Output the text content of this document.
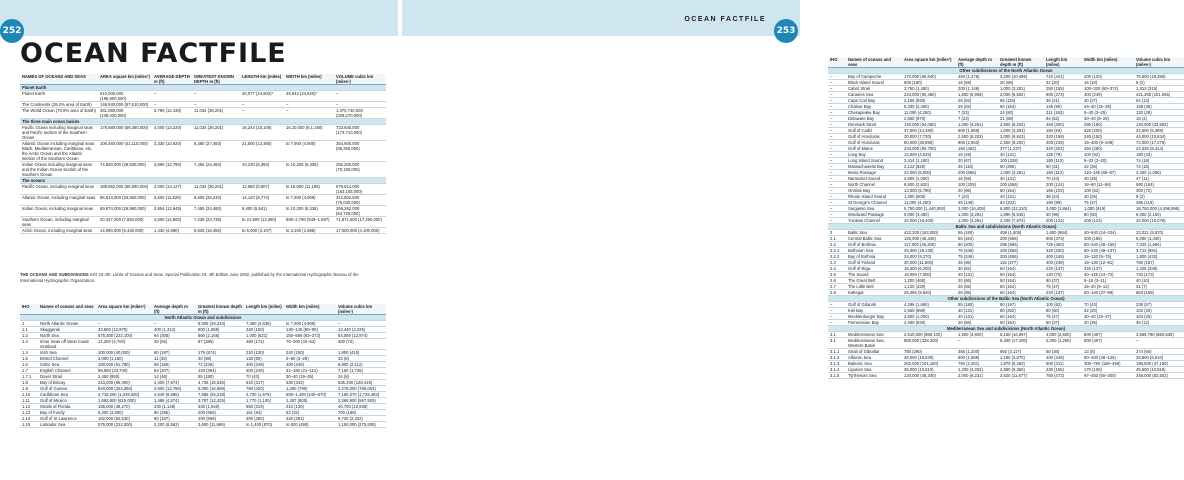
252
OCEAN FACTFILE
NAMES OF OCEANS AND SEAS	AREA square km (miles²)	AVERAGE DEPTH m (ft)	GREATEST KNOWN DEPTH m (ft)	LENGTH km (miles)	WIDTH km (miles)	VOLUME cubic km (miles³)
Planet Earth						
Planet Earth	510,000,000 (196,900,000)	–	–	40,077 (24,902)*	39,942 (24,820)*	–
The Continents (29.2% area of Earth)	148,940,000 (57,510,000)	–	–	–	–	–
The World Ocean (70.8% area of Earth)	361,060,000 (139,420,000)	3,790 (12,430)	11,034 (36,201)	–	–	1,370,740,000 (329,270,000)
The three main ocean basins						
Pacific Ocean including marginal seas and Pacific section of the Southern Ocean	179,680,000 (69,380,000)	4,000 (13,220)	11,034 (36,201)	16,244 (10,106)	16,10,000 (6,1,180)	723,640,000 (173,710,000)
Atlantic Ocean including marginal seas Black, Mediterranean, Caribbean, etc, the Arctic Ocean and the Atlantic section of the Southern Ocean	106,460,000 (41,110,000)	3,330 (10,920)	8,380 (27,493)	21,500 (13,360)	to 7,900 (4,900)	354,900,000 (85,250,000)
Indian Ocean including marginal seas and the Indian Ocean section of the Southern Ocean	74,920,000 (28,930,000)	3,890 (12,790)	7,455 (24,460)	10,230 (6,350)	to 10,200 (6,338)	292,200,000 (70,190,000)
The oceans						
Pacific Ocean, including marginal seas	169,852,000 (65,590,000)	4,000 (13,127)	11,034 (36,201)	12,550 (9,607)	to 18,000 (11,185)	679,614,000 (163,105,000)
Atlantic Ocean, including marginal seas	86,913,000 (33,560,000)	3,600 (11,828)	8,605 (28,233)	14,120 (8,774)	to 7,900 (4,909)	312,602,500 (75,030,000)
Indian Ocean, including marginal seas	69,874,000 (26,980,000)	3,854 (12,645)	7,455 (24,460)	9,400 (5,841)	to 10,200 (6,338)	269,262,000 (64,725,000)
Southern Ocean, including marginal seas	20,327,000 (7,850,000)	4,500 (14,800)	7,235 (23,736)	to 21,500 (13,360)	895–2,790 (549–1,697)	71,871,500 (17,250,000)
Arctic Ocean, including marginal seas	14,090,000 (5,440,000)	1,430 (4,690)	5,625 (18,456)	to 5,000 (3,107)	to 3,200 (1,988)	17,000,000 (4,100,000)
THE OCEANS AND SUBDIVISIONS IHO 23-4th: Limits of Oceans and Seas, Special Publication 23, 4th Edition June 2002, published by the International Hydrographic Bureau of the International Hydrographic Organization.
IHO	Names of oceans and seas	Area square km (miles²)	Average depth m (ft)	Greatest known depth m (ft)	Length km (miles)	Width km (miles)	Volume cubic km (miles³)
North Atlantic Ocean and subdivisions							
1	North Atlantic Ocean	–	–	8,605 (28,233)	7,460 (4,636)	to 7,900 (4,909)	–
1.1	Skaggerak	33,600 (12,970)	400 (1,312)	600 (1,969)	240 (150)	130–145 (80–90)	13,440 (3,225)
1.2	North Sea	575,300 (222,100)	94 (308)	660 (2,165)	1,000 (621)	150–580 (93–373)	54,069 (12,974)
1.3	Inner Seas off West Coast Scotland	12,200 (4,700)	25 (82)	87 (285)	280 (174)	70–200 (43–62)	300 (72)
1.4	Irish Sea	100,000 (40,000)	60 (197)	175 (574)	210 (130)	240 (150)	1,800 (410)
1.5	Bristol Channel	3,000 (1,160)	11 (36)	30 (98)	130 (80)	5–80 (3–29)	33 (8)
1.6	Celtic Sea	160,000 (61,780)	55 (180)	72 (236)	400 (249)	400 (249)	8,800 (2,112)
1.7	English Channel	89,900 (34,700)	63 (207)	120 (394)	400 (249)	31–180 (21–112)	7,150 (1,726)
1.7.1	Dover Strait	2,450 (950)	14 (46)	55 (180)	70 (43)	30–40 (19–25)	34 (8)
1.8	Bay of Biscay	223,000 (86,000)	2,400 (7,874)	4,735 (15,535)	510 (317)	530 (342)	535,200 (128,419)
1.9	Gulf of Guinea	840,000 (324,360)	3,900 (12,790)	5,090 (16,699)	790 (420)	1,280 (790)	3,276,000 (786,063)
1.10	Caribbean Sea	2,718,200 (1,049,500)	2,649 (8,685)	7,686 (25,218)	2,700 (1,678)	600–1,400 (240–870)	7,190,370 (1,725,493)
1.11	Gulf of Mexico	1,592,800 (615,000)	1,486 (4,874)	3,787 (12,425)	1,770 (1,100)	1,287 (800)	2,366,900 (567,929)
1.12	Straits of Florida	155,000 (48,270)	230 (1,148)	530 (1,640)	550 (319)	210 (130)	40,700 (10,938)
1.13	Bay of Fundy	9,300 (3,600)	90 (295)	200 (656)	151 (94)	52 (32)	700 (168)
1.14	Gulf of St Lawrence	162,000 (62,530)	60 (197)	200 (656)	450 (280)	420 (261)	9,720 (2,332)
1.15	Labrador Sea	575,000 (222,000)	2,200 (6,562)	3,600 (11,968)	to 1,400 (870)	to 820 (490)	1,150,000 (275,939)
OCEAN FACTFILE
253
IHO	Names of oceans and seas	Area square km (miles²)	Average depth m (ft)	Greatest known depth m (ft)	Length km (miles)	Width km (miles)	Volume cubic km (miles³)
Other subdivisions of the North Atlantic Ocean							
–	Bay of Campeche	170,000 (65,640)	450 (1,476)	3,200 (10,499)	710 (441)	200 (120)	76,500 (18,356)
–	Block Island Sound	500 (190)	18 (59)	20 (66)	32 (20)	16 (10)	9 (2)
–	Cabot Strait	3,750 (1,450)	200 (1,148)	1,000 (3,281)	250 (155)	100–320 (60–372)	1,313 (315)
–	Canaries Sea	234,000 (90,360)	1,800 (5,906)	2,000 (6,562)	600 (373)	400 (249)	421,200 (101,065)
–	Cape Cod Bay	2,155 (830)	25 (82)	55 (115)	35 (21)	40 (27)	54 (13)
–	Chaleur Bay	6,330 (2,450)	25 (82)	50 (164)	145 (90)	24–40 (15–25)	159 (38)
–	Chesapeake Bay	11,000 (4,250)	7 (23)	24 (80)	311 (193)	5–40 (3–25)	120 (29)
–	Delaware Bay	2,550 (970)	7 (23)	21 (69)	84 (52)	30–40 (6–25)	18 (4)
–	Denmark Strait	140,000 (54,060)	1,000 (3,281)	2,500 (8,202)	483 (300)	290 (180)	140,000 (33,592)
–	Gulf of Cadiz	37,500 (14,480)	600 (1,969)	1,000 (3,281)	150 (93)	320 (200)	22,500 (5,399)
–	Gulf of Honduras	20,000 (7,720)	2,500 (8,202)	3,000 (9,843)	320 (199)	240 (150)	44,000 (10,634)
–	Gulf of Honduras	80,000 (30,890)	900 (2,953)	2,500 (8,202)	400 (249)	15–400 (9–249)	72,000 (17,276)
–	Gulf of Maine	233,000 (90,700)	150 (492)	377 (1,237)	320 (202)	450 (280)	23,330 (8,414)
–	Long Bay	12,000 (4,633)	15 (49)	40 (131)	125 (78)	100 (62)	180 (43)
–	Long Island Sound	3,414 (1,180)	20 (67)	100 (328)	180 (110)	5–32 (3–20)	74 (18)
–	Massachusetts Bay	2,122 (820)	35 (115)	90 (295)	50 (31)	42 (26)	74 (18)
–	Mona Passage	22,000 (8,000)	200 (656)	1,000 (3,281)	180 (112)	110–145 (68–87)	4,400 (1,056)
–	Nantucket Sound	2,600 (1,000)	18 (59)	40 (131)	70 (43)	40 (25)	47 (11)
–	North Channel	6,800 (2,620)	100 (328)	200 (656)	200 (124)	18–60 (11–56)	680 (164)
–	Onslow Bay	13,000 (5,790)	20 (66)	50 (164)	165 (103)	100 (62)	300 (72)
–	Rhode Island Sound	1,300 (500)	7 (23)	40 (131)	38 (24)	40 (25)	9 (2)
–	St George's Channel	11,000 (4,250)	45 (148)	63 (203)	160 (99)	75 (47)	495 (119)
–	Sargasso Sea	5,750,000 (1,440,000)	3,000 (16,405)	6,800 (22,310)	3,000 (1,864)	1,000 (919)	18,750,000 (4,498,995)
–	Windward Passage	9,000 (3,480)	1,000 (3,281)	1,690 (5,545)	50 (96)	80 (50)	9,000 (2,160)
–	Yucatan Channel	42,000 (16,400)	1,000 (3,281)	2,400 (7,874)	200 (124)	200 (124)	42,000 (10,078)
Baltic Sea and subdivisions (North Atlantic Ocean)							
2	Baltic Sea	422,200 (163,000)	55 (180)	459 (1,506)	1,600 (994)	40–540 (24–324)	23,221 (5,570)
2.1	Central Baltic Sea	120,000 (46,340)	50 (164)	200 (656)	600 (373)	300 (186)	6,000 (1,440)
2.2	Gulf of Bothnia	117,000 (45,200)	60 (200)	295 (965)	725 (450)	80–240 (48–150)	7,020 (1,684)
2.2.1	Bothnian Sea	49,300 (19,130)	75 (246)	200 (656)	320 (200)	80–220 (48–137)	3,713 (891)
2.2.2	Bay of Bothnia	24,000 (9,270)	75 (246)	200 (656)	400 (249)	15–120 (9–75)	1,800 (432)
2.3	Gulf of Finland	30,000 (11,600)	26 (85)	115 (377)	400 (249)	19–130 (12–81)	780 (187)
2.4	Gulf of Riga	16,300 (6,200)	30 (82)	50 (164)	220 (137)	220 (137)	1,425 (339)
2.5	The Sound	18,000 (7,000)	40 (131)	50 (164)	120 (75)	40–125 (24–72)	720 (173)
2.6	The Great Belt	1,200 (460)	20 (66)	50 (164)	60 (37)	5–18 (3–11)	40 (10)
2.7	The Little Belt	1,120 (420)	26 (85)	50 (164)	75 (47)	15–20 (9–12)	31 (7)
2.8	Kattegat	25,485 (9,840)	26 (85)	50 (164)	220 (137)	60–140 (37–89)	663 (159)
Other subdivisions of the Baltic Sea (North Atlantic Ocean)							
–	Gulf of Gdansk	4,296 (1,660)	55 (180)	60 (197)	100 (62)	70 (43)	236 (57)
–	Kiel Bay	2,560 (990)	40 (131)	80 (262)	80 (50)	32 (20)	102 (25)
–	Mecklenburger Bay	2,600 (1,000)	40 (131)	50 (164)	75 (47)	30–40 (19–27)	104 (25)
–	Pomeranian Bay	2,400 (930)	20 (66)	50 (164)	60 (37)	40 (25)	48 (12)
Mediterranean Sea and subdivisions (North Atlantic Ocean)							
3.1	Mediterranean Sea	2,510,000 (969,100)	1,500 (4,920)	5,150 (16,897)	4,000 (2,500)	800 (497)	3,586,790 (860,638)
3.1	Mediterranean Sea, Western Basin	850,000 (328,200)	–	5,400 (17,200)	2,000 (1,250)	800 (497)	–
3.1.1	Strait of Gibraltar	750 (290)	365 (1,200)	950 (3,117)	58 (36)	13 (8)	274 (66)
3.1.2	Alboran Sea	48,000 (18,530)	600 (1,969)	1,180 (3,870)	400 (249)	80–200 (48–125)	28,800 (6,910)
3.1.3	Balearic Sea	262,000 (101,160)	750 (2,461)	1,970 (6,463)	500 (311)	300–750 (180–466)	196,500 (47,150)
3.1.4	Ligurian Sea	35,000 (13,510)	1,200 (4,262)	2,850 (9,350)	230 (155)	170 (106)	45,500 (10,918)
3.1.5	Tyrrhenian Sea	120,000 (46,340)	2,000 (6,231)	3,620 (11,877)	760 (473)	97–483 (60–300)	348,000 (83,502)
